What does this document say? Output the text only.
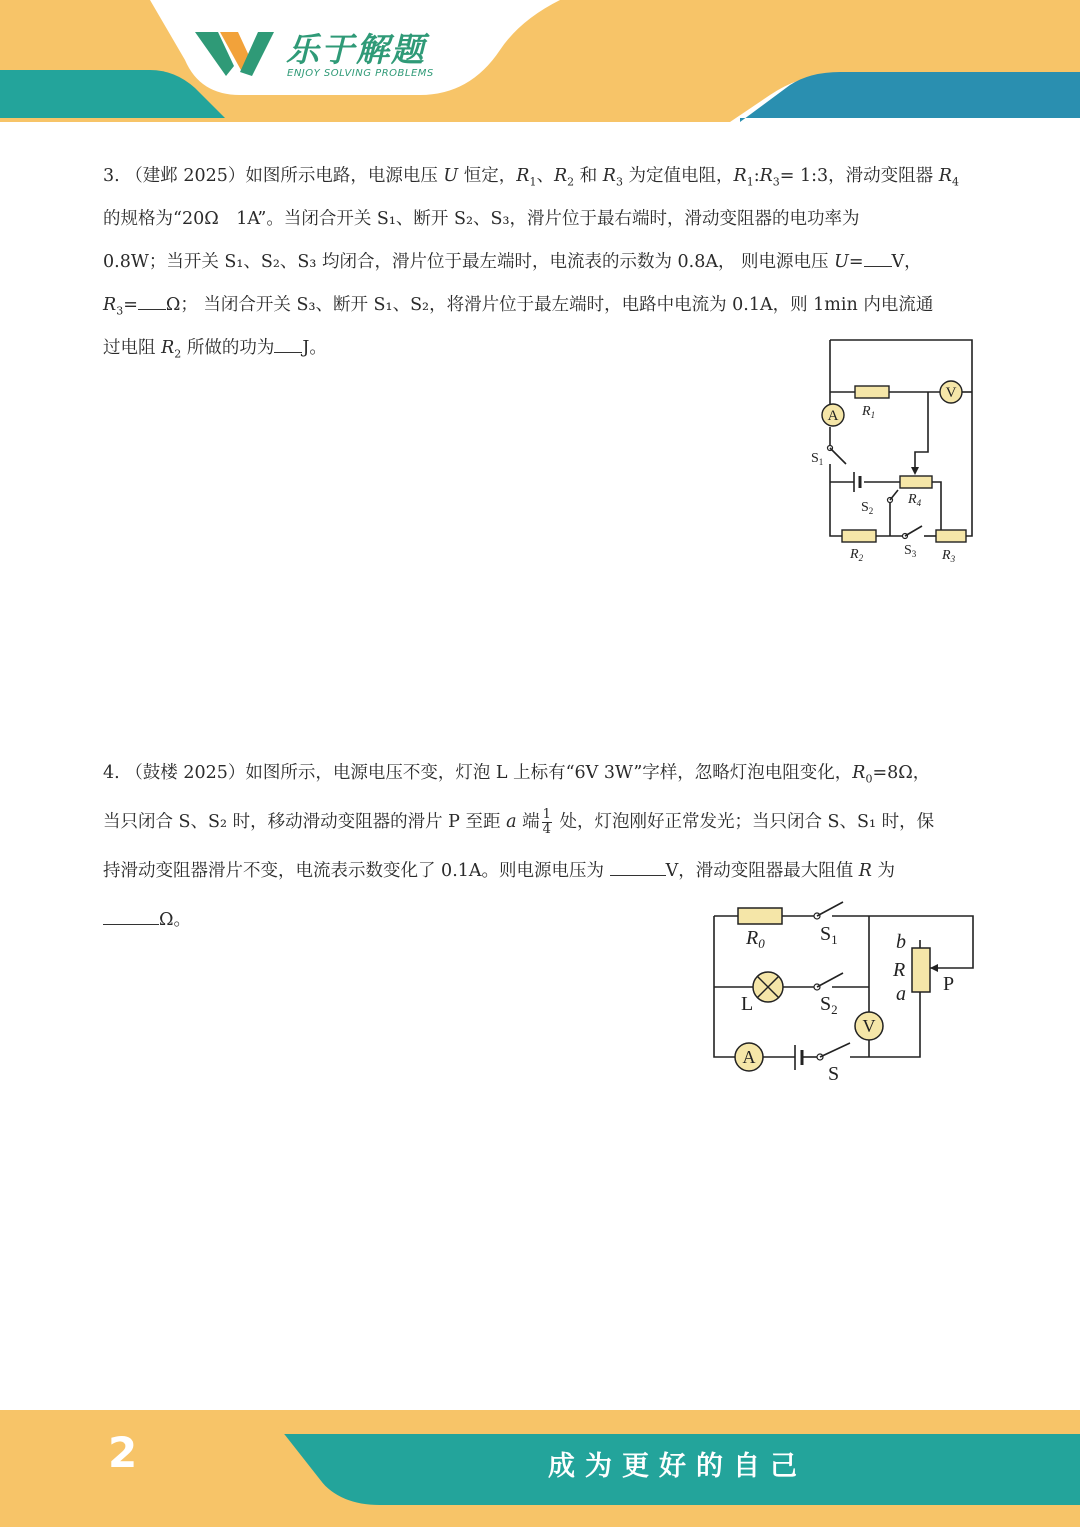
乐于解题
ENJOY SOLVING PROBLEMS
3. （建邺 2025）如图所示电路，电源电压 U 恒定，$R_1$、$R_2$ 和 $R_3$ 为定值电阻，$R_1:R_3=$ 1:3，滑动变阻器 $R_4$
的规格为“20Ω　1A”。当闭合开关 S₁、断开 S₂、S₃，滑片位于最右端时，滑动变阻器的电功率为
0.8W；当开关 S₁、S₂、S₃ 均闭合，滑片位于最左端时，电流表的示数为 0.8A， 则电源电压 U= V，
$R_3= \Omega$； 当闭合开关 S₃、断开 S₁、S₂，将滑片位于最左端时，电路中电流为 0.1A，则 1min 内电流通
过电阻 $R_2$ 所做的功为 J。
V
A $R_1$
$R_4$
$R_2$	$R_3$
$S_1$
$S_2$
$S_3$
4. （鼓楼 2025）如图所示，电源电压不变，灯泡 L 上标有“6V 3W”字样，忽略灯泡电阻变化，$R_0=8\Omega$，
当只闭合 S、S₂ 时，移动滑动变阻器的滑片 P 至距 a 端 $\frac{1}{4}$ 处，灯泡刚好正常发光；当只闭合 S、S₁ 时，保
持滑动变阻器滑片不变，电流表示数变化了 0.1A。则电源电压为	V，滑动变阻器最大阻值 R 为
Ω。
A
V
$R_0$	$S_1$
$S_2$
S
L
b
R
a P
2	成为更好的自己
